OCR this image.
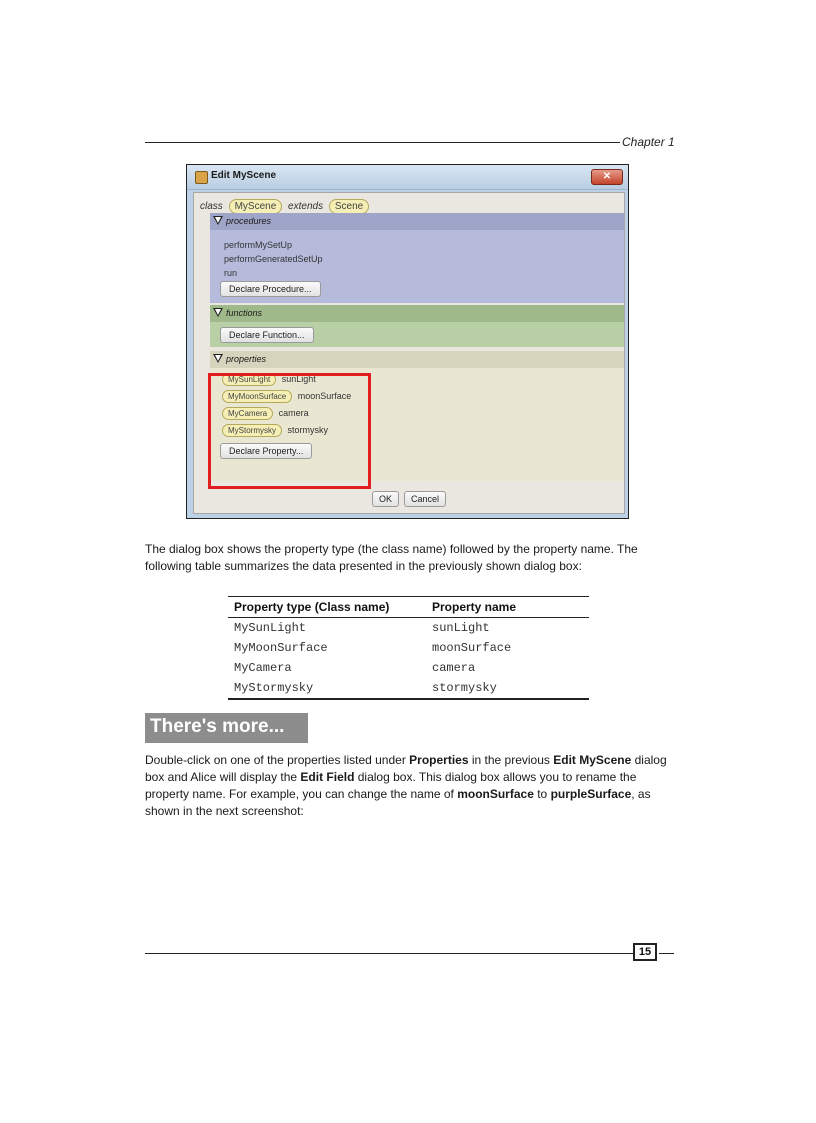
Chapter 1
Edit MyScene	✕
class MyScene extends Scene
procedures
performMySetUp
performGeneratedSetUp
run
Declare Procedure...
functions
Declare Function...
properties
MySunLight sunLight
MyMoonSurface moonSurface
MyCamera camera
MyStormysky stormysky
Declare Property...
OK	Cancel
The dialog box shows the property type (the class name) followed by the property name. The following table summarizes the data presented in the previously shown dialog box:
Property type (Class name)	Property name
MySunLight	sunLight
MyMoonSurface	moonSurface
MyCamera	camera
MyStormysky	stormysky
There's more...
Double-click on one of the properties listed under Properties in the previous Edit MyScene dialog box and Alice will display the Edit Field dialog box. This dialog box allows you to rename the property name. For example, you can change the name of moonSurface to purpleSurface, as shown in the next screenshot:
15
